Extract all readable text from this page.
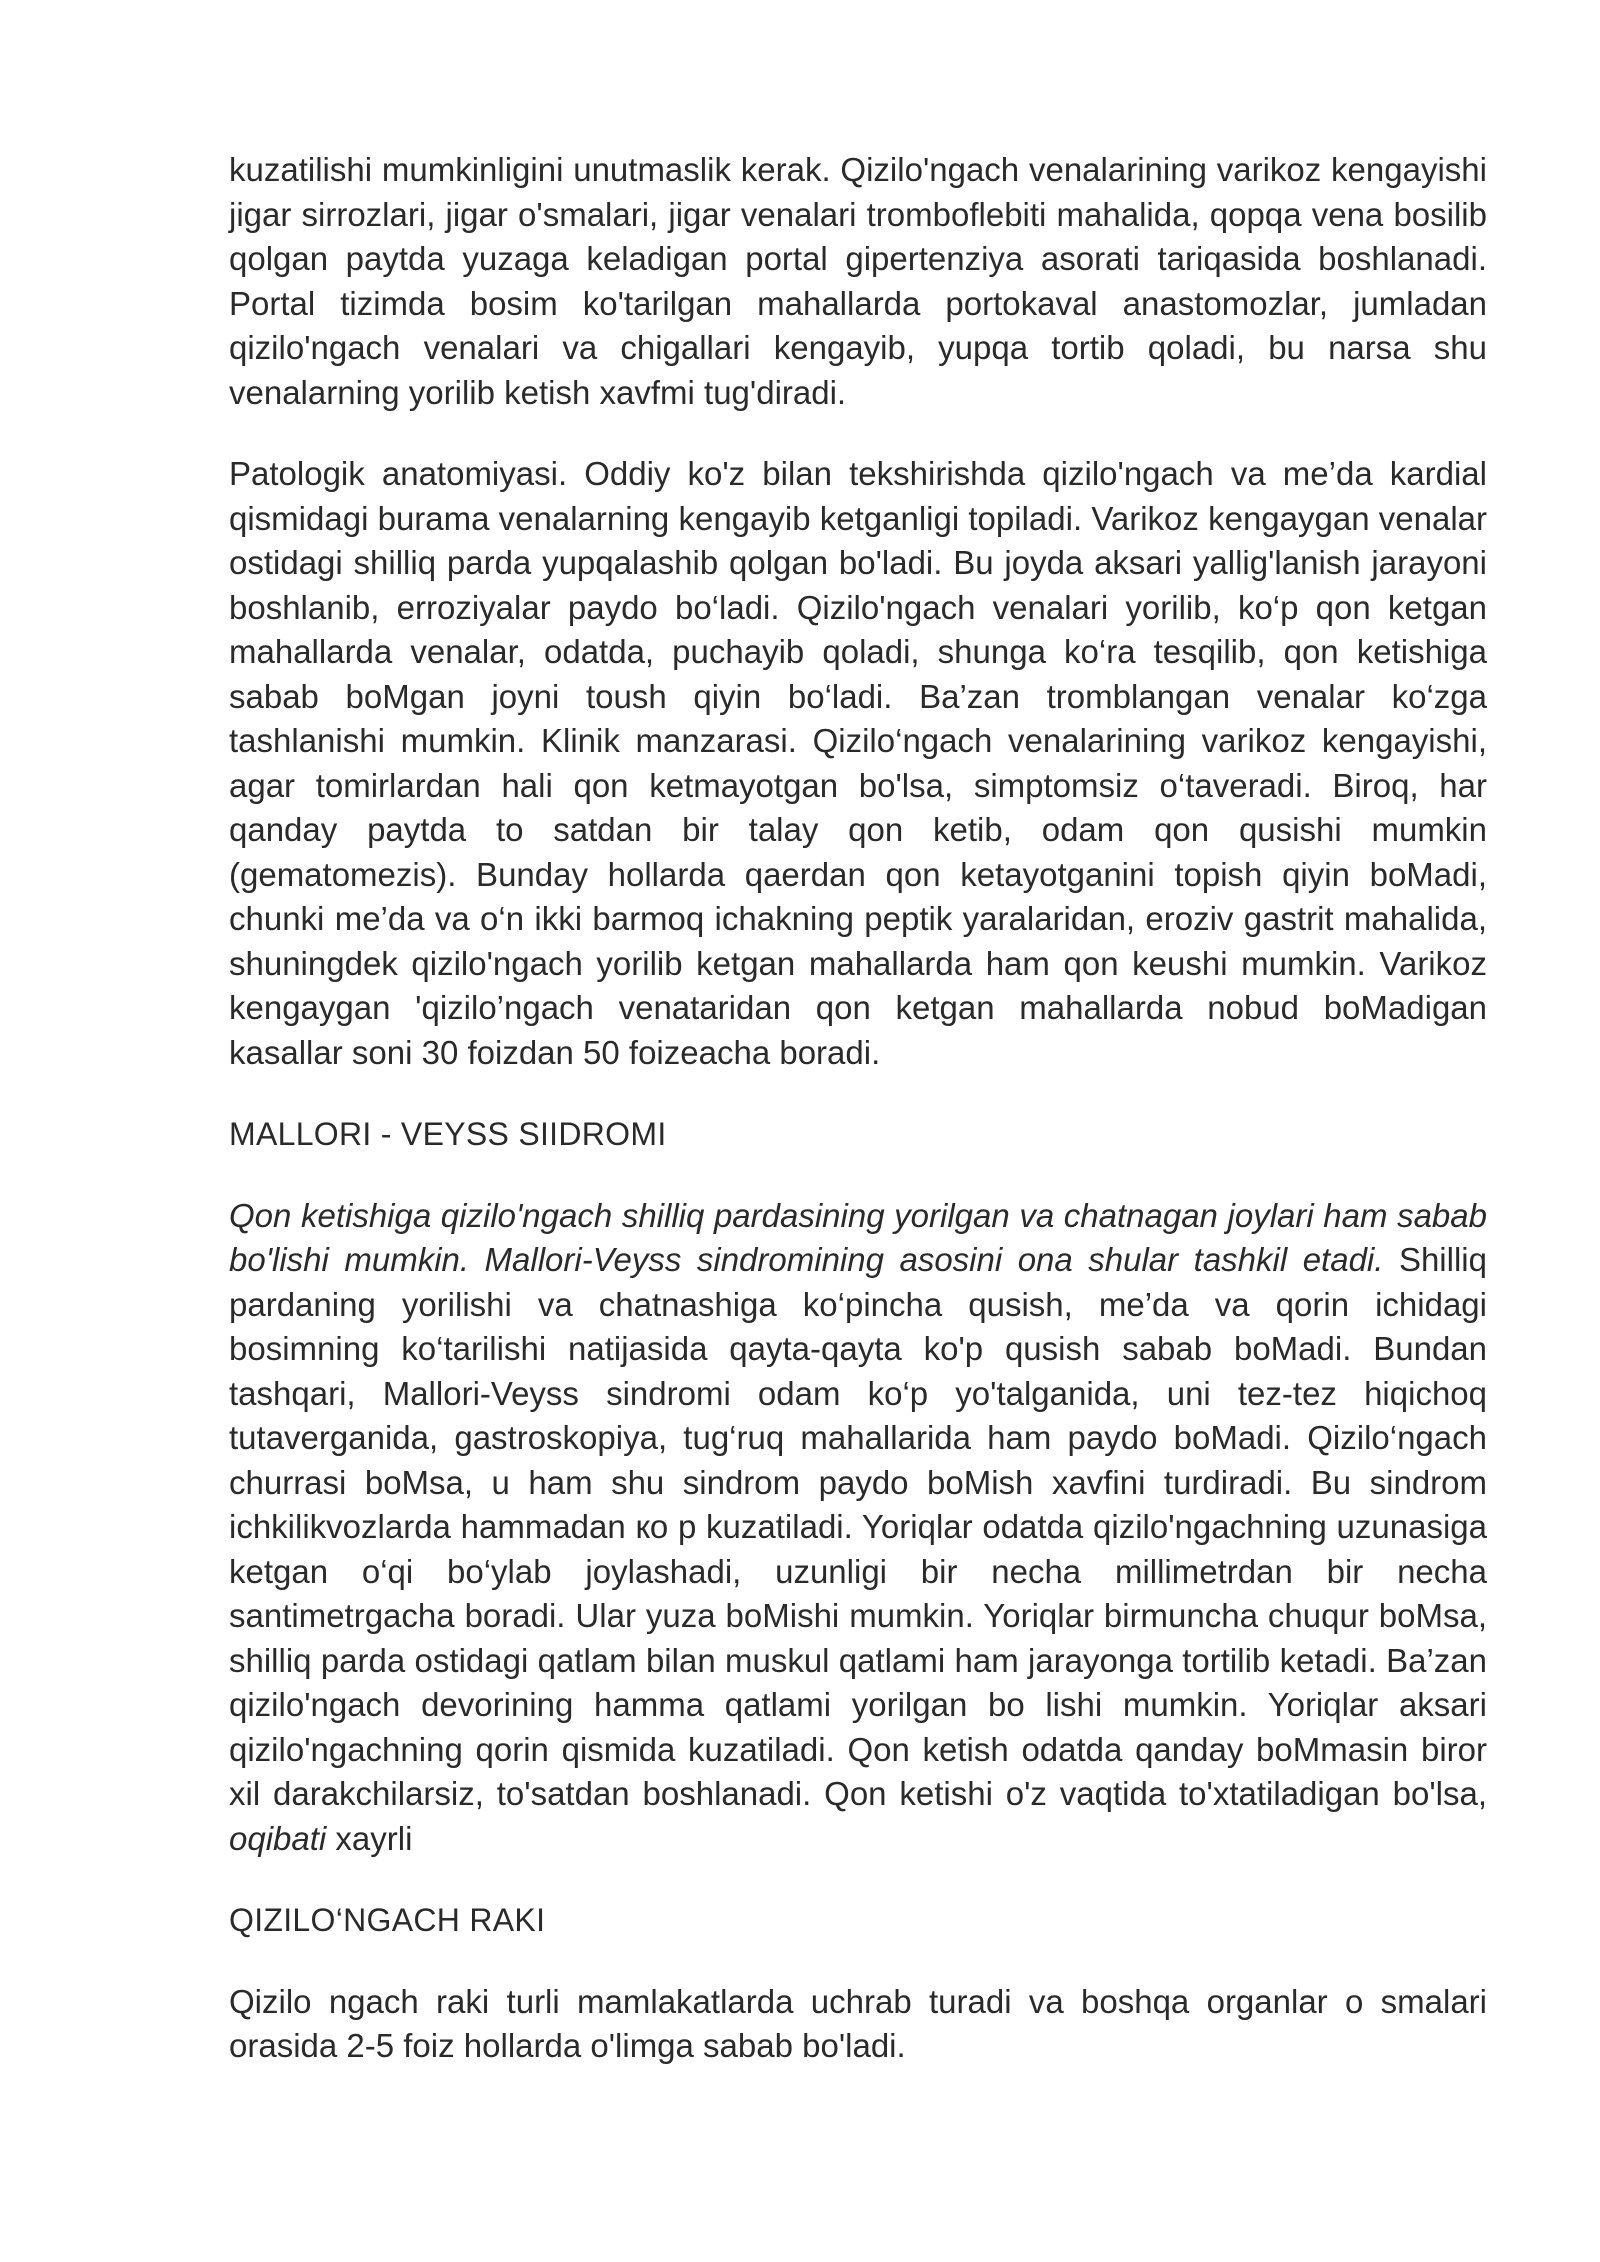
kuzatilishi mumkinligini unutmaslik kerak. Qizilo'ngach venalarining varikoz kengayishi jigar sirrozlari, jigar o'smalari, jigar venalari tromboflebiti mahalida, qopqa vena bosilib qolgan paytda yuzaga keladigan portal gipertenziya asorati tariqasida boshlanadi. Portal tizimda bosim ko'tarilgan mahallarda portokaval anastomozlar, jumladan qizilo'ngach venalari va chigallari kengayib, yupqa tortib qoladi, bu narsa shu venalarning yorilib ketish xavfmi tug'diradi.

Patologik anatomiyasi. Oddiy ko'z bilan tekshirishda qizilo'ngach va me’da kardial qismidagi burama venalarning kengayib ketganligi topiladi. Varikoz kengaygan venalar ostidagi shilliq parda yupqalashib qolgan bo'ladi. Bu joyda aksari yallig'lanish jarayoni boshlanib, erroziyalar paydo bo‘ladi. Qizilo'ngach venalari yorilib, ko‘p qon ketgan mahallarda venalar, odatda, puchayib qoladi, shunga ko‘ra tesqilib, qon ketishiga sabab boMgan joyni toush qiyin bo‘ladi. Ba’zan tromblangan venalar ko‘zga tashlanishi mumkin. Klinik manzarasi. Qizilo‘ngach venalarining varikoz kengayishi, agar tomirlardan hali qon ketmayotgan bo'lsa, simptomsiz o‘taveradi. Biroq, har qanday paytda to satdan bir talay qon ketib, odam qon qusishi mumkin (gematomezis). Bunday hollarda qaerdan qon ketayotganini topish qiyin boMadi, chunki me’da va o‘n ikki barmoq ichakning peptik yaralaridan, eroziv gastrit mahalida, shuningdek qizilo'ngach yorilib ketgan mahallarda ham qon keushi mumkin. Varikoz kengaygan 'qizilo’ngach venataridan qon ketgan mahallarda nobud boMadigan kasallar soni 30 foizdan 50 foizeacha boradi.

MALLORI - VEYSS SIIDROMI

Qon ketishiga qizilo'ngach shilliq pardasining yorilgan va chatnagan joylari ham sabab bo'lishi mumkin. Mallori-Veyss sindromining asosini ona shular tashkil etadi. Shilliq pardaning yorilishi va chatnashiga ko‘pincha qusish, me’da va qorin ichidagi bosimning ko‘tarilishi natijasida qayta-qayta ko'p qusish sabab boMadi. Bundan tashqari, Mallori-Veyss sindromi odam ko‘p yo'talganida, uni tez-tez hiqichoq tutaverganida, gastroskopiya, tug‘ruq mahallarida ham paydo boMadi. Qizilo‘ngach churrasi boMsa, u ham shu sindrom paydo boMish xavfini turdiradi. Bu sindrom ichkilikvozlarda hammadan кo p kuzatiladi. Yoriqlar odatda qizilo'ngachning uzunasiga ketgan o‘qi bo‘ylab joylashadi, uzunligi bir necha millimetrdan bir necha santimetrgacha boradi. Ular yuza boMishi mumkin. Yoriqlar birmuncha chuqur boMsa, shilliq parda ostidagi qatlam bilan muskul qatlami ham jarayonga tortilib ketadi. Ba’zan qizilo'ngach devorining hamma qatlami yorilgan bo lishi mumkin. Yoriqlar aksari qizilo'ngachning qorin qismida kuzatiladi. Qon ketish odatda qanday boMmasin biror xil darakchilarsiz, to'satdan boshlanadi. Qon ketishi o'z vaqtida to'xtatiladigan bo'lsa, oqibati xayrli

QIZILO‘NGACH RAKI

Qizilo ngach raki turli mamlakatlarda uchrab turadi va boshqa organlar o smalari orasida 2-5 foiz hollarda o'limga sabab bo'ladi.
